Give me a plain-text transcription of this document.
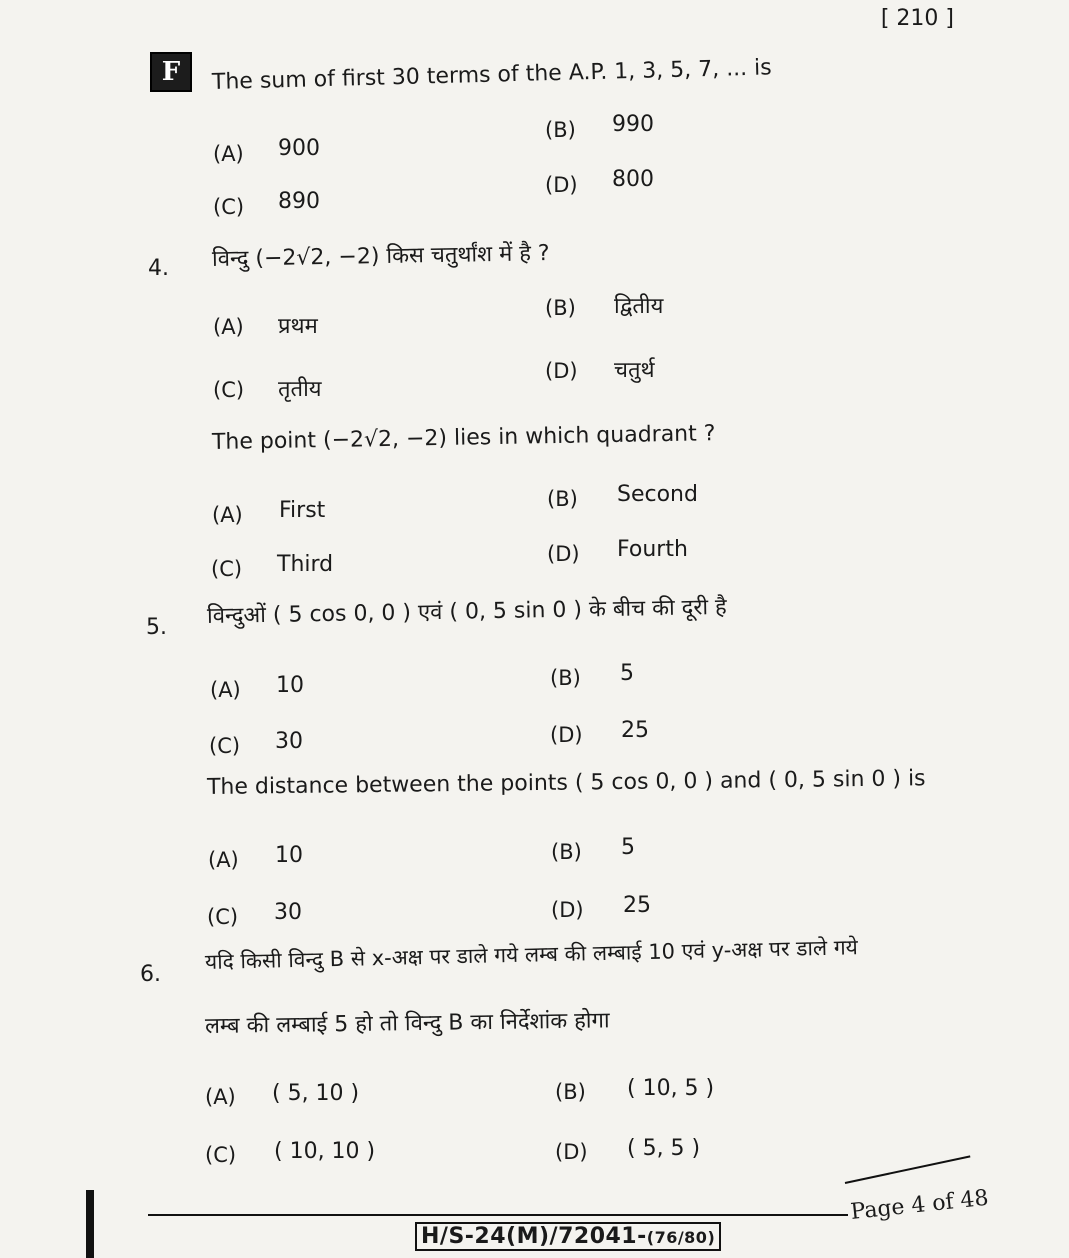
[ 210 ]
F	The sum of first 30 terms of the A.P. 1, 3, 5, 7, ... is
(A) 900
(B) 990
(C) 890
(D) 800
4. विन्दु (−2√2, −2) किस चतुर्थांश में है ?
(A) प्रथम
(B) द्वितीय
(C) तृतीय
(D) चतुर्थ
The point (−2√2, −2) lies in which quadrant ?
(A) First	(B) Second
(C) Third	(D) Fourth
5. विन्दुओं ( 5 cos 0, 0 ) एवं ( 0, 5 sin 0 ) के बीच की दूरी है
(A) 10	(B) 5
(C) 30	(D) 25
The distance between the points ( 5 cos 0, 0 ) and ( 0, 5 sin 0 ) is
(A) 10	(B) 5
(C) 30	(D) 25
6.
यदि किसी विन्दु B से x-अक्ष पर डाले गये लम्ब की लम्बाई 10 एवं y-अक्ष पर डाले गये
लम्ब की लम्बाई 5 हो तो विन्दु B का निर्देशांक होगा
(A) ( 5, 10 )	(B) ( 10, 5 )
(C) ( 10, 10 )	(D) ( 5, 5 )
H/S-24(M)/72041-(76/80)
Page 4 of 48
